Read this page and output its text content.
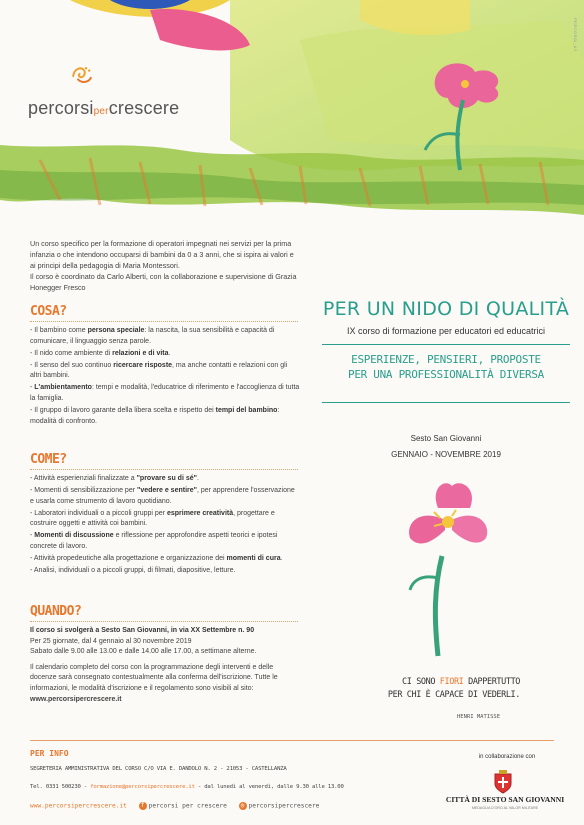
PERCORSI_A3
percorsipercrescere
Un corso specifico per la formazione di operatori impegnati nei servizi per la prima infanzia o che intendono occuparsi di bambini da 0 a 3 anni, che si ispira ai valori e ai principi della pedagogia di Maria Montessori.
Il corso è coordinato da Carlo Alberti, con la collaborazione e supervisione di Grazia Honegger Fresco
COSA?
- Il bambino come persona speciale: la nascita, la sua sensibilità e capacità di comunicare, il linguaggio senza parole.
- Il nido come ambiente di relazioni e di vita.
- Il senso del suo continuo ricercare risposte, ma anche contatti e relazioni con gli altri bambini.
- L'ambientamento: tempi e modalità, l'educatrice di riferimento e l'accoglienza di tutta la famiglia.
- Il gruppo di lavoro garante della libera scelta e rispetto dei tempi del bambino: modalità di confronto.
COME?
- Attività esperienziali finalizzate a "provare su di sé".
- Momenti di sensibilizzazione per "vedere e sentire", per apprendere l'osservazione e usarla come strumento di lavoro quotidiano.
- Laboratori individuali o a piccoli gruppi per esprimere creatività, progettare e costruire oggetti e attività coi bambini.
- Momenti di discussione e riflessione per approfondire aspetti teorici e ipotesi concrete di lavoro.
- Attività propedeutiche alla progettazione e organizzazione dei momenti di cura.
- Analisi, individuali o a piccoli gruppi, di filmati, diapositive, letture.
QUANDO?
Il corso si svolgerà a Sesto San Giovanni, in via XX Settembre n. 90
Per 25 giornate, dal 4 gennaio al 30 novembre 2019
Sabato dalle 9.00 alle 13.00 e dalle 14.00 alle 17.00, a settimane alterne.
Il calendario completo del corso con la programmazione degli interventi e delle docenze sarà consegnato contestualmente alla conferma dell'iscrizione. Tutte le informazioni, le modalità d'iscrizione e il regolamento sono visibili al sito: www.percorsipercrescere.it
PER UN NIDO DI QUALITÀ
IX corso di formazione per educatori ed educatrici
ESPERIENZE, PENSIERI, PROPOSTE
PER UNA PROFESSIONALITÀ DIVERSA
Sesto San Giovanni
GENNAIO - NOVEMBRE 2019
CI SONO FIORI DAPPERTUTTO
PER CHI È CAPACE DI VEDERLI.
HENRI MATISSE
PER INFO
SEGRETERIA AMMINISTRATIVA DEL CORSO C/O VIA E. DANDOLO N. 2 - 21053 - CASTELLANZA
Tel. 0331 500230 - formazione@percorsipercrescere.it - dal lunedì al venerdì, dalle 9.30 alle 13.00
www.percorsipercrescere.it f percorsi per crescere ◎ percorsipercrescere
in collaborazione con
CITTÀ DI SESTO SAN GIOVANNI
MEDAGLIA D'ORO AL VALOR MILITARE
